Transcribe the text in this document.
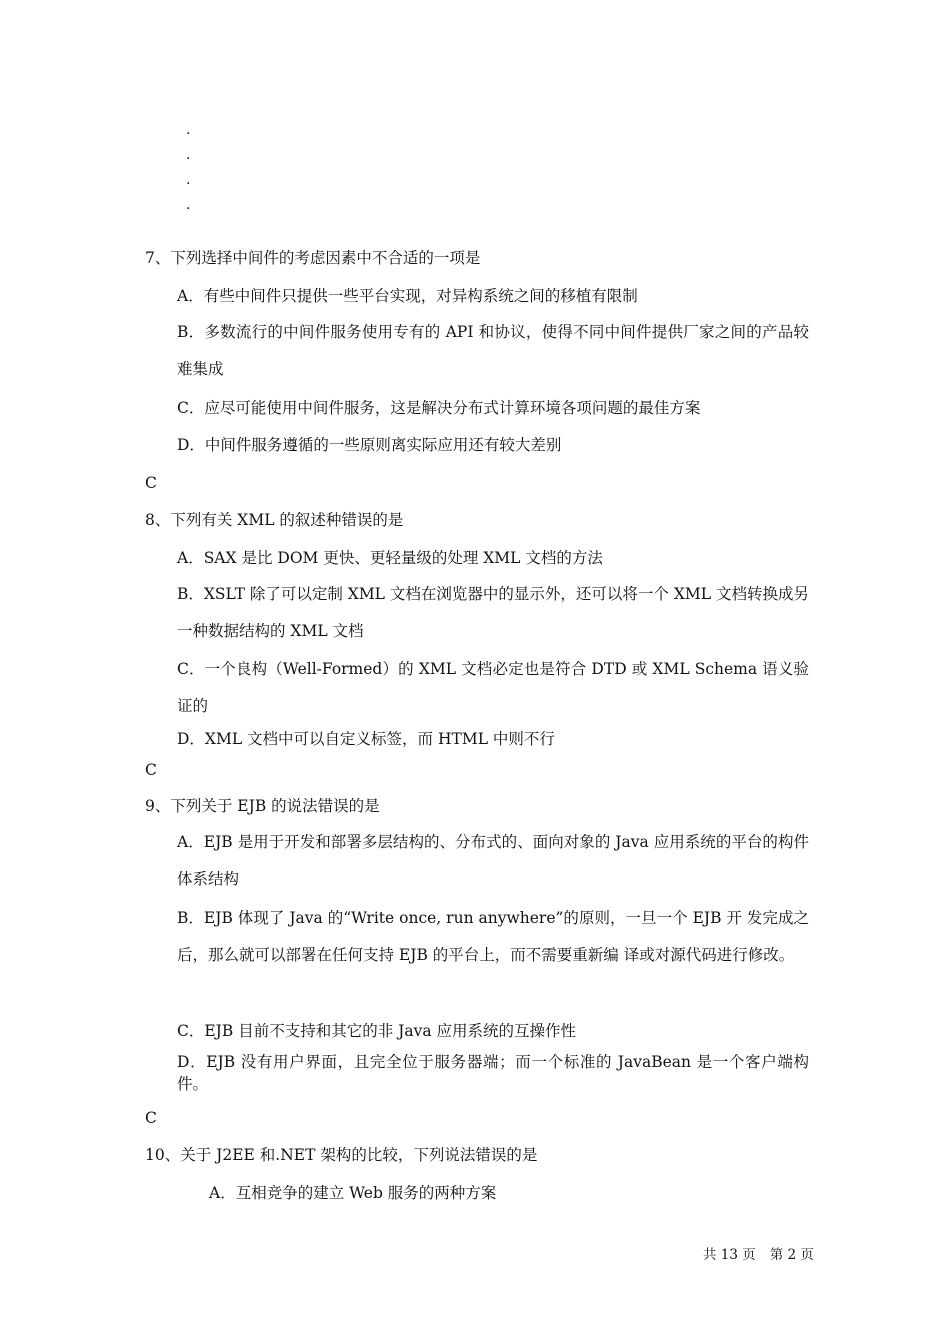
.
.
.
.
7、下列选择中间件的考虑因素中不合适的一项是
A．有些中间件只提供一些平台实现，对异构系统之间的移植有限制
B．多数流行的中间件服务使用专有的 API 和协议，使得不同中间件提供厂家之间的产品较难集成
C．应尽可能使用中间件服务，这是解决分布式计算环境各项问题的最佳方案
D．中间件服务遵循的一些原则离实际应用还有较大差别
C
8、下列有关 XML 的叙述种错误的是
A．SAX 是比 DOM 更快、更轻量级的处理 XML 文档的方法
B．XSLT 除了可以定制 XML 文档在浏览器中的显示外，还可以将一个 XML 文档转换成另一种数据结构的 XML 文档
C．一个良构（Well-Formed）的 XML 文档必定也是符合 DTD 或 XML Schema 语义验证的
D．XML 文档中可以自定义标签，而 HTML 中则不行
C
9、下列关于 EJB 的说法错误的是
A．EJB 是用于开发和部署多层结构的、分布式的、面向对象的 Java 应用系统的平台的构件体系结构
B．EJB 体现了 Java 的“Write once, run anywhere”的原则，一旦一个 EJB 开 发完成之后，那么就可以部署在任何支持 EJB 的平台上，而不需要重新编 译或对源代码进行修改。
C．EJB 目前不支持和其它的非 Java 应用系统的互操作性
D．EJB 没有用户界面，且完全位于服务器端；而一个标准的 JavaBean 是一个客户端构件。
C
10、关于 J2EE 和.NET 架构的比较，下列说法错误的是
A．互相竞争的建立 Web 服务的两种方案
共 13 页 第 2 页
